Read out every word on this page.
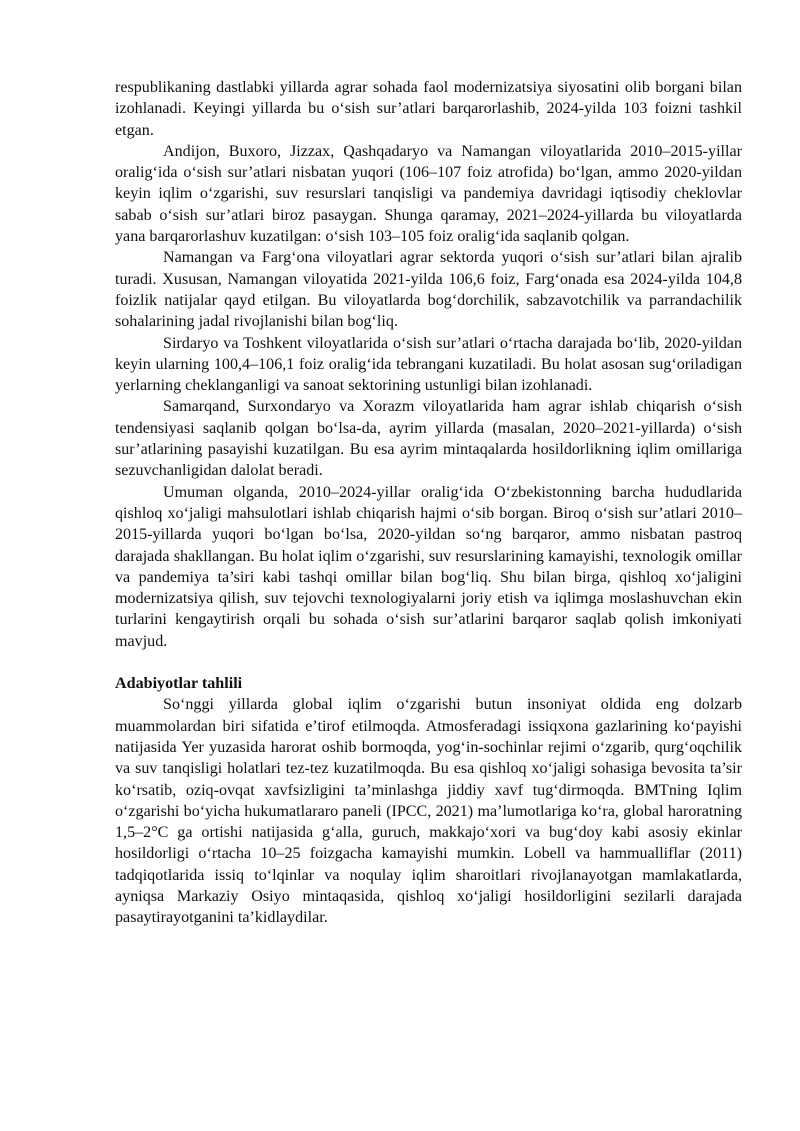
respublikaning dastlabki yillarda agrar sohada faol modernizatsiya siyosatini olib borgani bilan izohlanadi. Keyingi yillarda bu o‘sish sur’atlari barqarorlashib, 2024-yilda 103 foizni tashkil etgan.

Andijon, Buxoro, Jizzax, Qashqadaryo va Namangan viloyatlarida 2010–2015-yillar oralig‘ida o‘sish sur’atlari nisbatan yuqori (106–107 foiz atrofida) bo‘lgan, ammo 2020-yildan keyin iqlim o‘zgarishi, suv resurslari tanqisligi va pandemiya davridagi iqtisodiy cheklovlar sabab o‘sish sur’atlari biroz pasaygan. Shunga qaramay, 2021–2024-yillarda bu viloyatlarda yana barqarorlashuv kuzatilgan: o‘sish 103–105 foiz oralig‘ida saqlanib qolgan.

Namangan va Farg‘ona viloyatlari agrar sektorda yuqori o‘sish sur’atlari bilan ajralib turadi. Xususan, Namangan viloyatida 2021-yilda 106,6 foiz, Farg‘onada esa 2024-yilda 104,8 foizlik natijalar qayd etilgan. Bu viloyatlarda bog‘dorchilik, sabzavotchilik va parrandachilik sohalarining jadal rivojlanishi bilan bog‘liq.

Sirdaryo va Toshkent viloyatlarida o‘sish sur’atlari o‘rtacha darajada bo‘lib, 2020-yildan keyin ularning 100,4–106,1 foiz oralig‘ida tebrangani kuzatiladi. Bu holat asosan sug‘oriladigan yerlarning cheklanganligi va sanoat sektorining ustunligi bilan izohlanadi.

Samarqand, Surxondaryo va Xorazm viloyatlarida ham agrar ishlab chiqarish o‘sish tendensiyasi saqlanib qolgan bo‘lsa-da, ayrim yillarda (masalan, 2020–2021-yillarda) o‘sish sur’atlarining pasayishi kuzatilgan. Bu esa ayrim mintaqalarda hosildorlikning iqlim omillariga sezuvchanligidan dalolat beradi.

Umuman olganda, 2010–2024-yillar oralig‘ida O‘zbekistonning barcha hududlarida qishloq xo‘jaligi mahsulotlari ishlab chiqarish hajmi o‘sib borgan. Biroq o‘sish sur’atlari 2010–2015-yillarda yuqori bo‘lgan bo‘lsa, 2020-yildan so‘ng barqaror, ammo nisbatan pastroq darajada shakllangan. Bu holat iqlim o‘zgarishi, suv resurslarining kamayishi, texnologik omillar va pandemiya ta’siri kabi tashqi omillar bilan bog‘liq. Shu bilan birga, qishloq xo‘jaligini modernizatsiya qilish, suv tejovchi texnologiyalarni joriy etish va iqlimga moslashuvchan ekin turlarini kengaytirish orqali bu sohada o‘sish sur’atlarini barqaror saqlab qolish imkoniyati mavjud.

Adabiyotlar tahlili

So‘nggi yillarda global iqlim o‘zgarishi butun insoniyat oldida eng dolzarb muammolardan biri sifatida e’tirof etilmoqda. Atmosferadagi issiqxona gazlarining ko‘payishi natijasida Yer yuzasida harorat oshib bormoqda, yog‘in-sochinlar rejimi o‘zgarib, qurg‘oqchilik va suv tanqisligi holatlari tez-tez kuzatilmoqda. Bu esa qishloq xo‘jaligi sohasiga bevosita ta’sir ko‘rsatib, oziq-ovqat xavfsizligini ta’minlashga jiddiy xavf tug‘dirmoqda. BMTning Iqlim o‘zgarishi bo‘yicha hukumatlararo paneli (IPCC, 2021) ma’lumotlariga ko‘ra, global haroratning 1,5–2°C ga ortishi natijasida g‘alla, guruch, makkajo‘xori va bug‘doy kabi asosiy ekinlar hosildorligi o‘rtacha 10–25 foizgacha kamayishi mumkin. Lobell va hammualliflar (2011) tadqiqotlarida issiq to‘lqinlar va noqulay iqlim sharoitlari rivojlanayotgan mamlakatlarda, ayniqsa Markaziy Osiyo mintaqasida, qishloq xo‘jaligi hosildorligini sezilarli darajada pasaytirayotganini ta’kidlaydilar.
